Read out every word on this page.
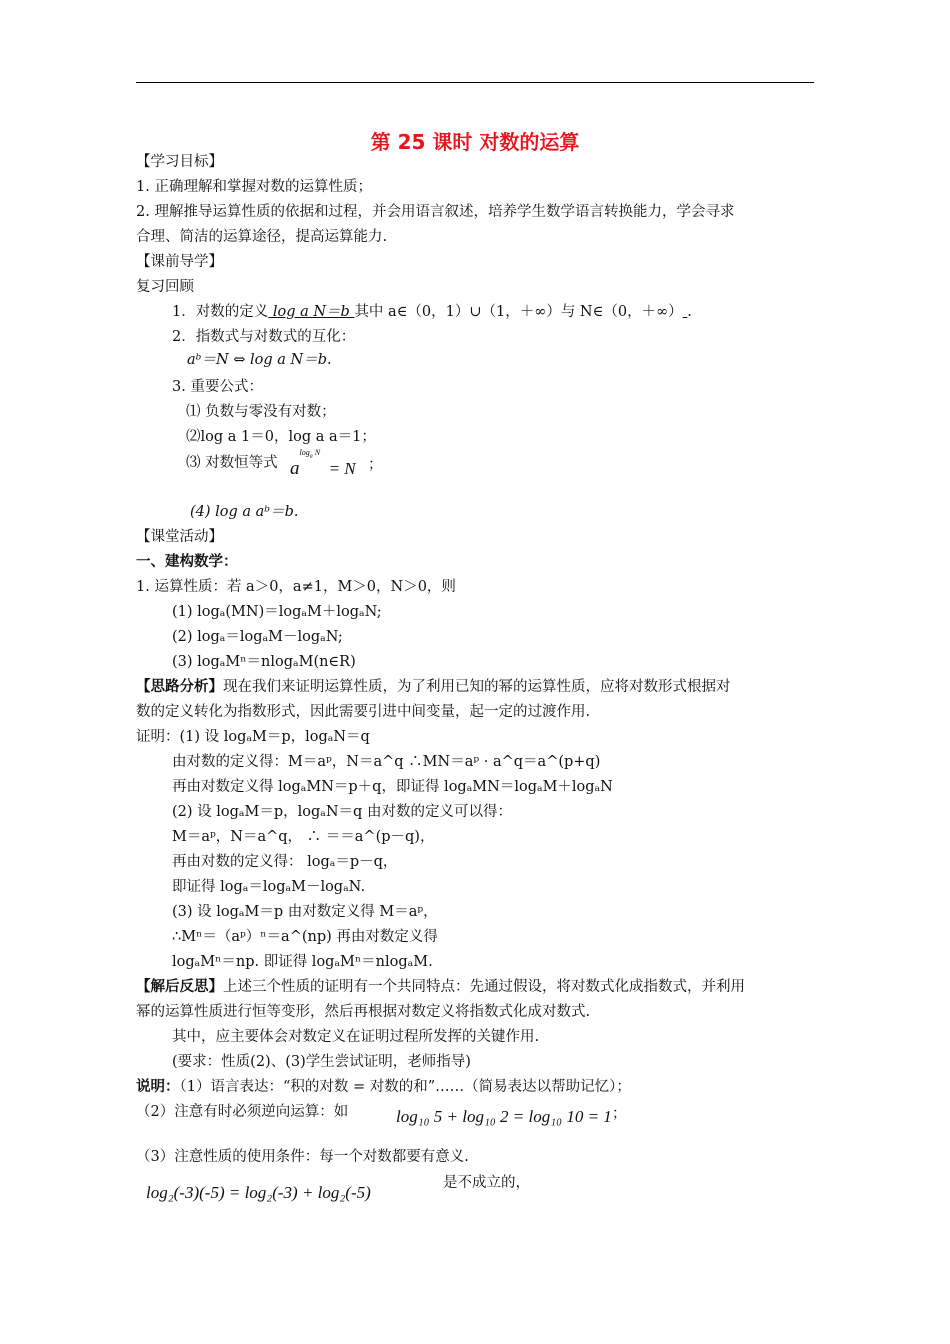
第 25 课时 对数的运算
【学习目标】
1. 正确理解和掌握对数的运算性质；
2. 理解推导运算性质的依据和过程，并会用语言叙述，培养学生数学语言转换能力，学会寻求
合理、简洁的运算途径，提高运算能力.
【课前导学】
复习回顾
1．对数的定义 log a N＝b 其中 a∈（0，1）∪（1，＋∞）与 N∈（0，＋∞） .
2．指数式与对数式的互化：
aᵇ＝N ⇔ log a N＝b.
3. 重要公式：
⑴ 负数与零没有对数；
⑵log a 1＝0，log a a＝1；
⑶ 对数恒等式 $a^{log_a N} = N$ ；
(4) log a aᵇ＝b.
【课堂活动】
一、建构数学：
1. 运算性质：若 a＞0，a≠1，M＞0，N＞0，则
(1) logₐ(MN)＝logₐM＋logₐN;
(2) logₐ＝logₐM－logₐN;
(3) logₐMⁿ＝nlogₐM(n∈R)
【思路分析】现在我们来证明运算性质，为了利用已知的幂的运算性质，应将对数形式根据对
数的定义转化为指数形式，因此需要引进中间变量，起一定的过渡作用.
证明：(1) 设 logₐM＝p，logₐN＝q
由对数的定义得：M＝aᵖ，N＝a^q ∴MN＝aᵖ · a^q＝a^(p+q)
再由对数定义得 logₐMN＝p＋q，即证得 logₐMN＝logₐM＋logₐN
(2) 设 logₐM＝p，logₐN＝q 由对数的定义可以得：
M＝aᵖ，N＝a^q， ∴ ＝＝a^(p－q)，
再由对数的定义得： logₐ＝p－q，
即证得 logₐ＝logₐM－logₐN.
(3) 设 logₐM＝p 由对数定义得 M＝aᵖ，
∴Mⁿ＝（aᵖ）ⁿ＝a^(np) 再由对数定义得
logₐMⁿ＝np. 即证得 logₐMⁿ＝nlogₐM.
【解后反思】上述三个性质的证明有一个共同特点：先通过假设，将对数式化成指数式，并利用
幂的运算性质进行恒等变形，然后再根据对数定义将指数式化成对数式.
其中，应主要体会对数定义在证明过程所发挥的关键作用.
(要求：性质(2)、(3)学生尝试证明，老师指导)
说明：（1）语言表达：“积的对数 = 对数的和”……（简易表达以帮助记忆）；
（2）注意有时必须逆向运算：如	log₁₀ 5 + log₁₀ 2 = log₁₀ 10 = 1 ；
（3）注意性质的使用条件：每一个对数都要有意义.
log₂(-3)(-5) = log₂(-3) + log₂(-5)	是不成立的，
